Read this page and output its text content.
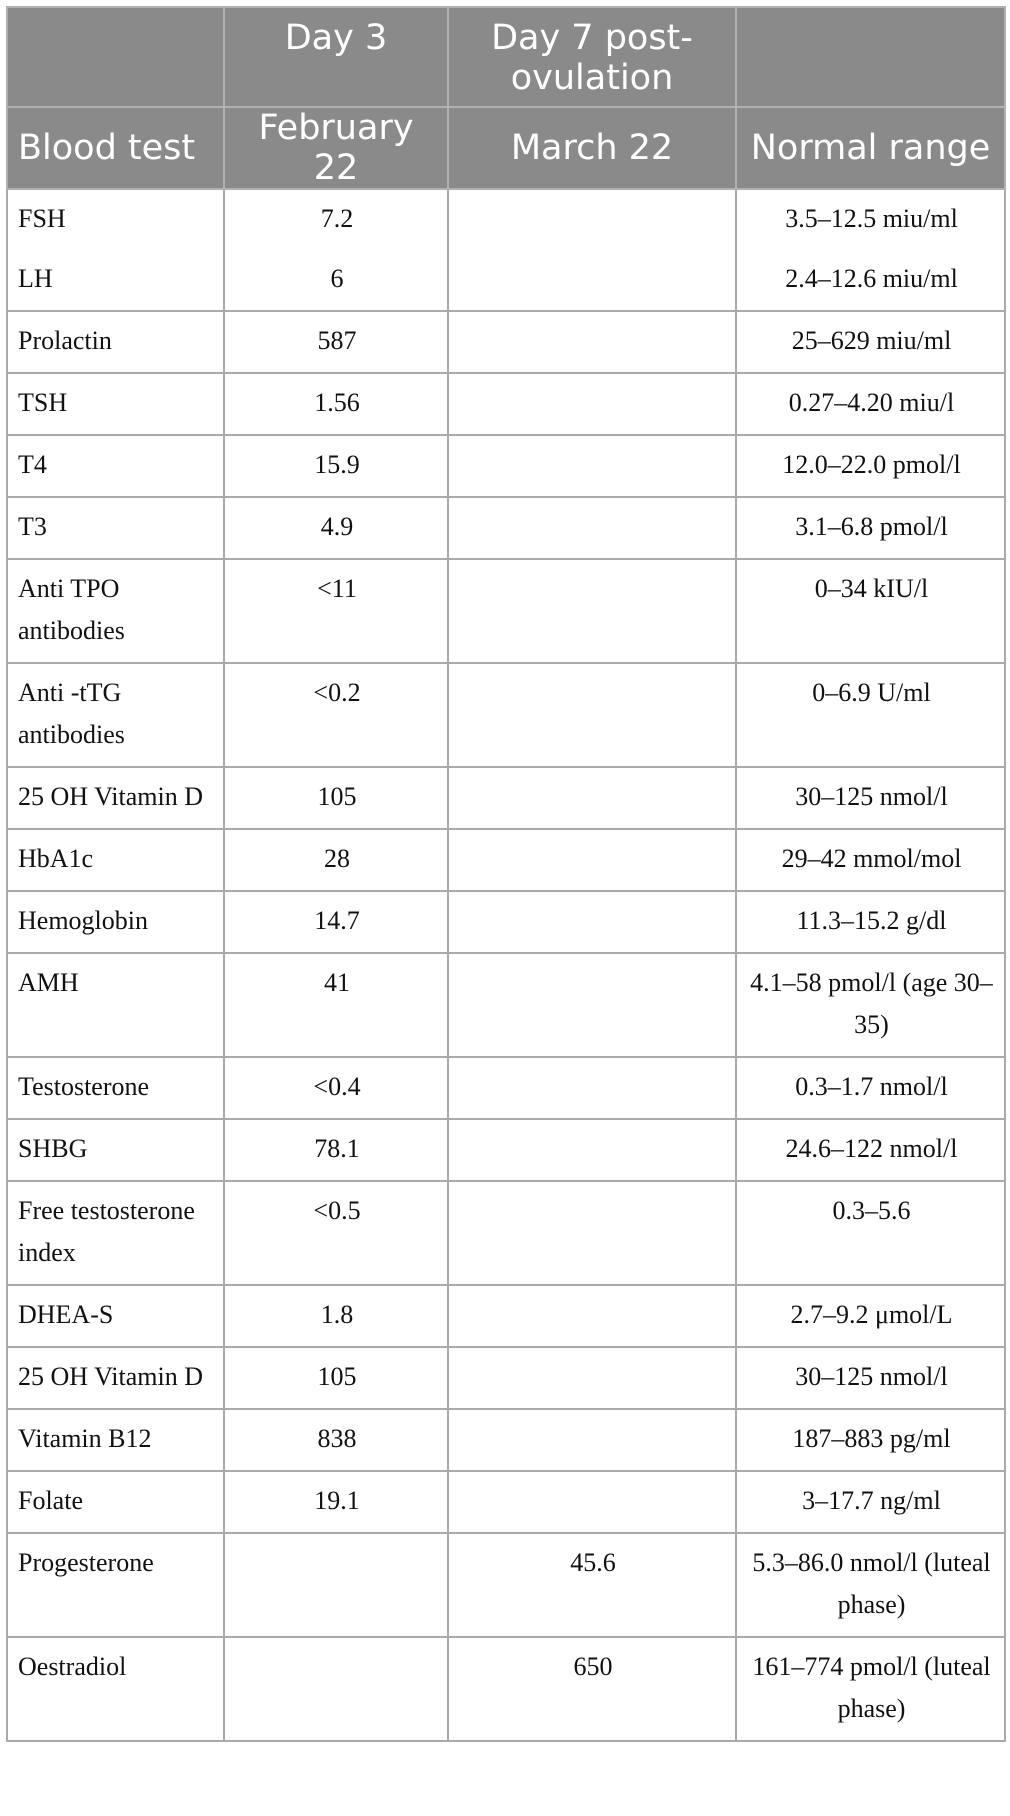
	Day 3	Day 7 post-ovulation	
Blood test	February 22	March 22	Normal range
FSH	7.2		3.5–12.5 miu/ml
LH	6		2.4–12.6 miu/ml
Prolactin	587		25–629 miu/ml
TSH	1.56		0.27–4.20 miu/l
T4	15.9		12.0–22.0 pmol/l
T3	4.9		3.1–6.8 pmol/l
Anti TPO antibodies	<11		0–34 kIU/l
Anti -tTG antibodies	<0.2		0–6.9 U/ml
25 OH Vitamin D	105		30–125 nmol/l
HbA1c	28		29–42 mmol/mol
Hemoglobin	14.7		11.3–15.2 g/dl
AMH	41		4.1–58 pmol/l (age 30–35)
Testosterone	<0.4		0.3–1.7 nmol/l
SHBG	78.1		24.6–122 nmol/l
Free testosterone index	<0.5		0.3–5.6
DHEA-S	1.8		2.7–9.2 μmol/L
25 OH Vitamin D	105		30–125 nmol/l
Vitamin B12	838		187–883 pg/ml
Folate	19.1		3–17.7 ng/ml
Progesterone		45.6	5.3–86.0 nmol/l (luteal phase)
Oestradiol		650	161–774 pmol/l (luteal phase)
